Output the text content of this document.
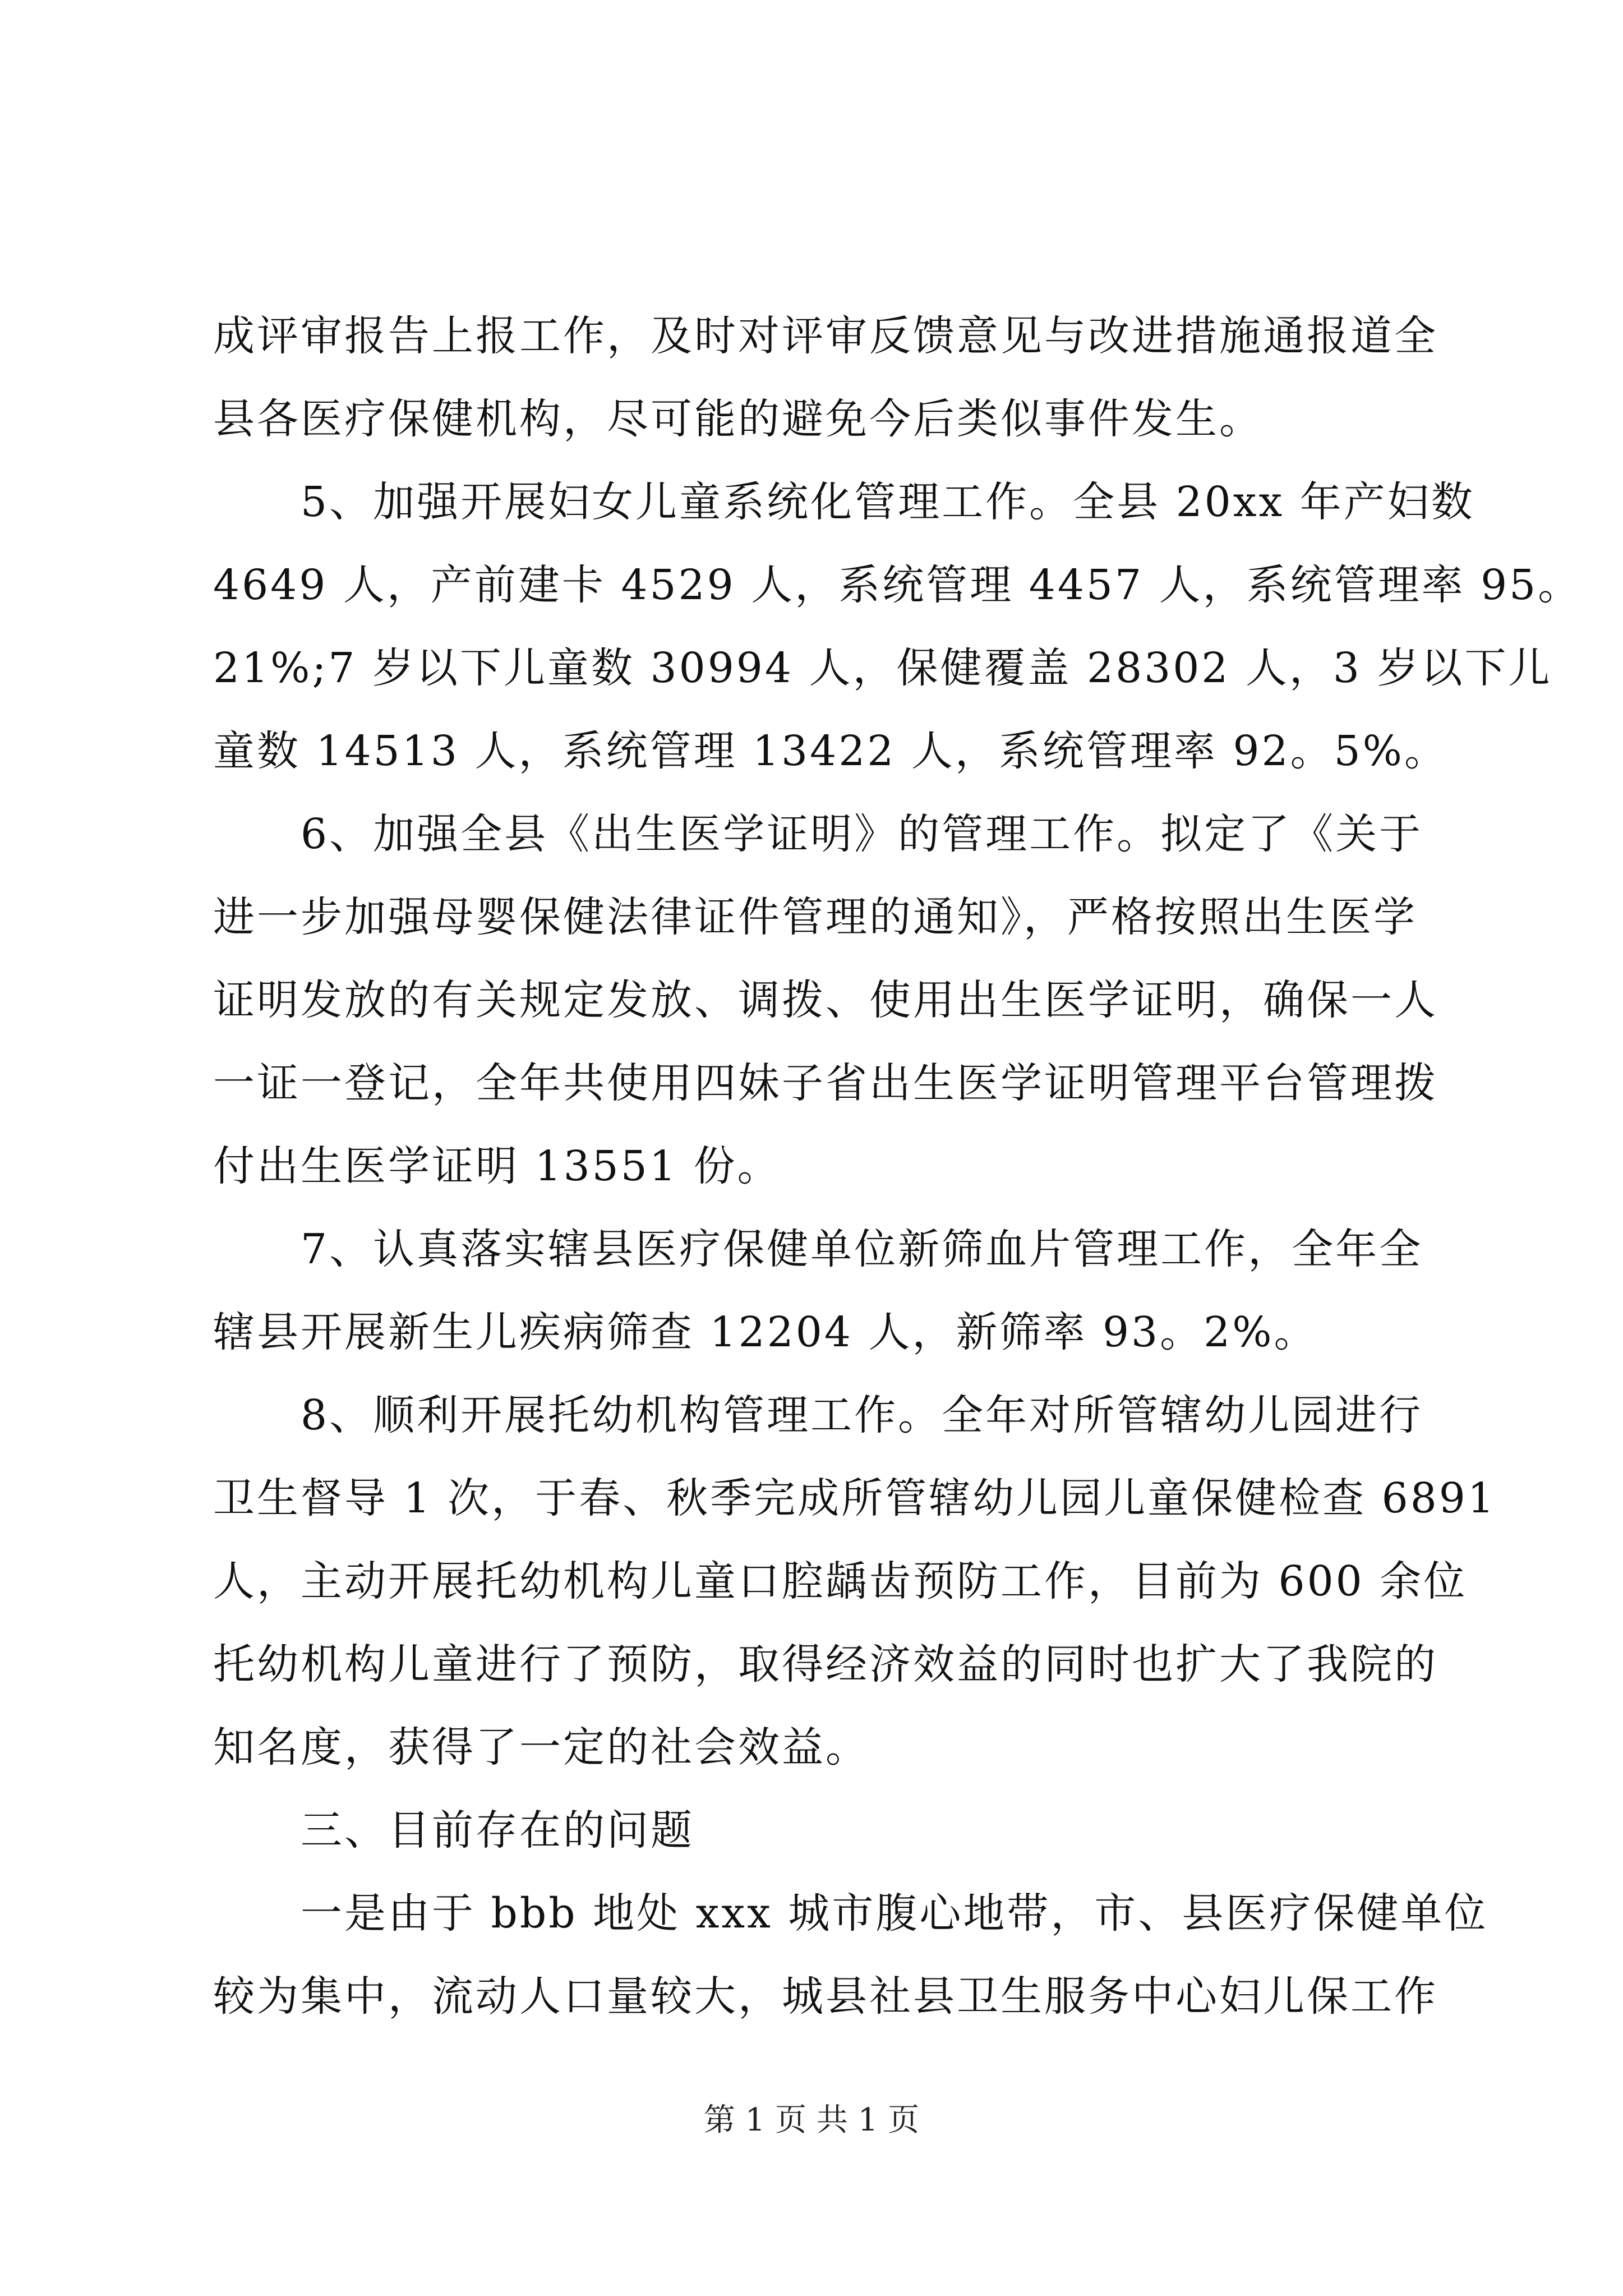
成评审报告上报工作，及时对评审反馈意见与改进措施通报道全
县各医疗保健机构，尽可能的避免今后类似事件发生。
　　5、加强开展妇女儿童系统化管理工作。全县 20xx 年产妇数
4649 人，产前建卡 4529 人，系统管理 4457 人，系统管理率 95。
21%;7 岁以下儿童数 30994 人，保健覆盖 28302 人，3 岁以下儿
童数 14513 人，系统管理 13422 人，系统管理率 92。5%。
　　6、加强全县《出生医学证明》的管理工作。拟定了《关于
进一步加强母婴保健法律证件管理的通知》，严格按照出生医学
证明发放的有关规定发放、调拨、使用出生医学证明，确保一人
一证一登记，全年共使用四妹子省出生医学证明管理平台管理拨
付出生医学证明 13551 份。
　　7、认真落实辖县医疗保健单位新筛血片管理工作，全年全
辖县开展新生儿疾病筛查 12204 人，新筛率 93。2%。
　　8、顺利开展托幼机构管理工作。全年对所管辖幼儿园进行
卫生督导 1 次，于春、秋季完成所管辖幼儿园儿童保健检查 6891
人，主动开展托幼机构儿童口腔龋齿预防工作，目前为 600 余位
托幼机构儿童进行了预防，取得经济效益的同时也扩大了我院的
知名度，获得了一定的社会效益。
　　三、目前存在的问题
　　一是由于 bbb 地处 xxx 城市腹心地带，市、县医疗保健单位
较为集中，流动人口量较大，城县社县卫生服务中心妇儿保工作
第 1 页 共 1 页
